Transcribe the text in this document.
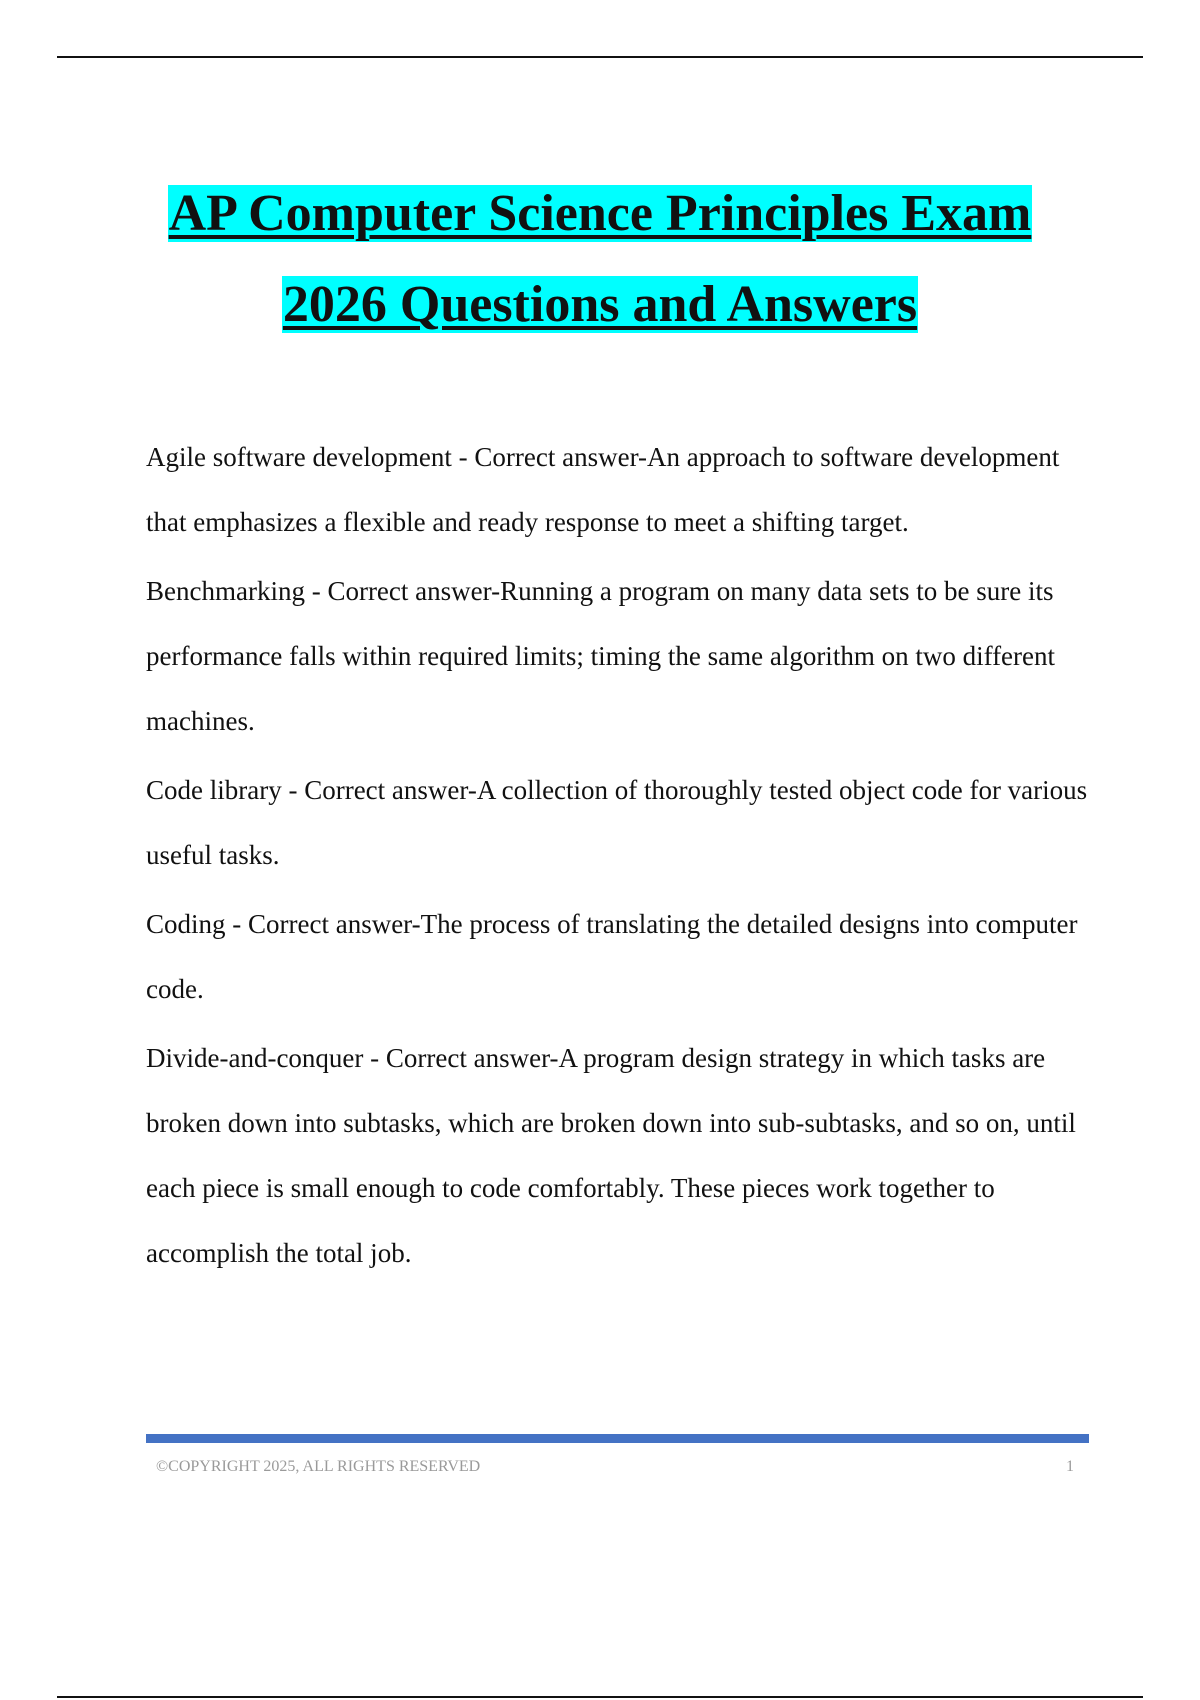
AP Computer Science Principles Exam
2026 Questions and Answers

Agile software development - Correct answer-An approach to software development that emphasizes a flexible and ready response to meet a shifting target.

Benchmarking - Correct answer-Running a program on many data sets to be sure its performance falls within required limits; timing the same algorithm on two different machines.

Code library - Correct answer-A collection of thoroughly tested object code for various useful tasks.

Coding - Correct answer-The process of translating the detailed designs into computer code.

Divide-and-conquer - Correct answer-A program design strategy in which tasks are broken down into subtasks, which are broken down into sub-subtasks, and so on, until each piece is small enough to code comfortably. These pieces work together to accomplish the total job.

©COPYRIGHT 2025, ALL RIGHTS RESERVED	1
